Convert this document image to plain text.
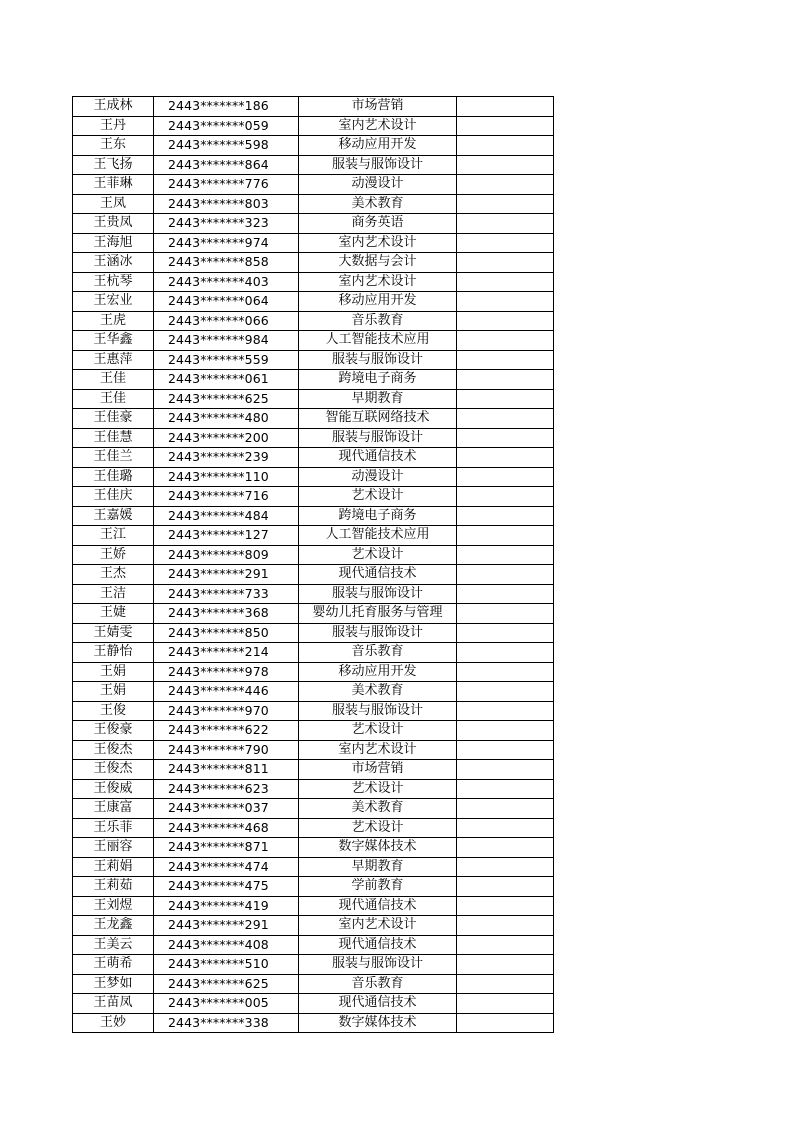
王成林	2443*******186	市场营销	
王丹	2443*******059	室内艺术设计	
王东	2443*******598	移动应用开发	
王飞扬	2443*******864	服装与服饰设计	
王菲琳	2443*******776	动漫设计	
王凤	2443*******803	美术教育	
王贵凤	2443*******323	商务英语	
王海旭	2443*******974	室内艺术设计	
王涵冰	2443*******858	大数据与会计	
王杭琴	2443*******403	室内艺术设计	
王宏业	2443*******064	移动应用开发	
王虎	2443*******066	音乐教育	
王华鑫	2443*******984	人工智能技术应用	
王惠萍	2443*******559	服装与服饰设计	
王佳	2443*******061	跨境电子商务	
王佳	2443*******625	早期教育	
王佳豪	2443*******480	智能互联网络技术	
王佳慧	2443*******200	服装与服饰设计	
王佳兰	2443*******239	现代通信技术	
王佳璐	2443*******110	动漫设计	
王佳庆	2443*******716	艺术设计	
王嘉媛	2443*******484	跨境电子商务	
王江	2443*******127	人工智能技术应用	
王娇	2443*******809	艺术设计	
王杰	2443*******291	现代通信技术	
王洁	2443*******733	服装与服饰设计	
王婕	2443*******368	婴幼儿托育服务与管理	
王婧雯	2443*******850	服装与服饰设计	
王静怡	2443*******214	音乐教育	
王娟	2443*******978	移动应用开发	
王娟	2443*******446	美术教育	
王俊	2443*******970	服装与服饰设计	
王俊豪	2443*******622	艺术设计	
王俊杰	2443*******790	室内艺术设计	
王俊杰	2443*******811	市场营销	
王俊威	2443*******623	艺术设计	
王康富	2443*******037	美术教育	
王乐菲	2443*******468	艺术设计	
王丽容	2443*******871	数字媒体技术	
王莉娟	2443*******474	早期教育	
王莉茹	2443*******475	学前教育	
王刘煜	2443*******419	现代通信技术	
王龙鑫	2443*******291	室内艺术设计	
王美云	2443*******408	现代通信技术	
王萌希	2443*******510	服装与服饰设计	
王梦如	2443*******625	音乐教育	
王苗凤	2443*******005	现代通信技术	
王妙	2443*******338	数字媒体技术	
